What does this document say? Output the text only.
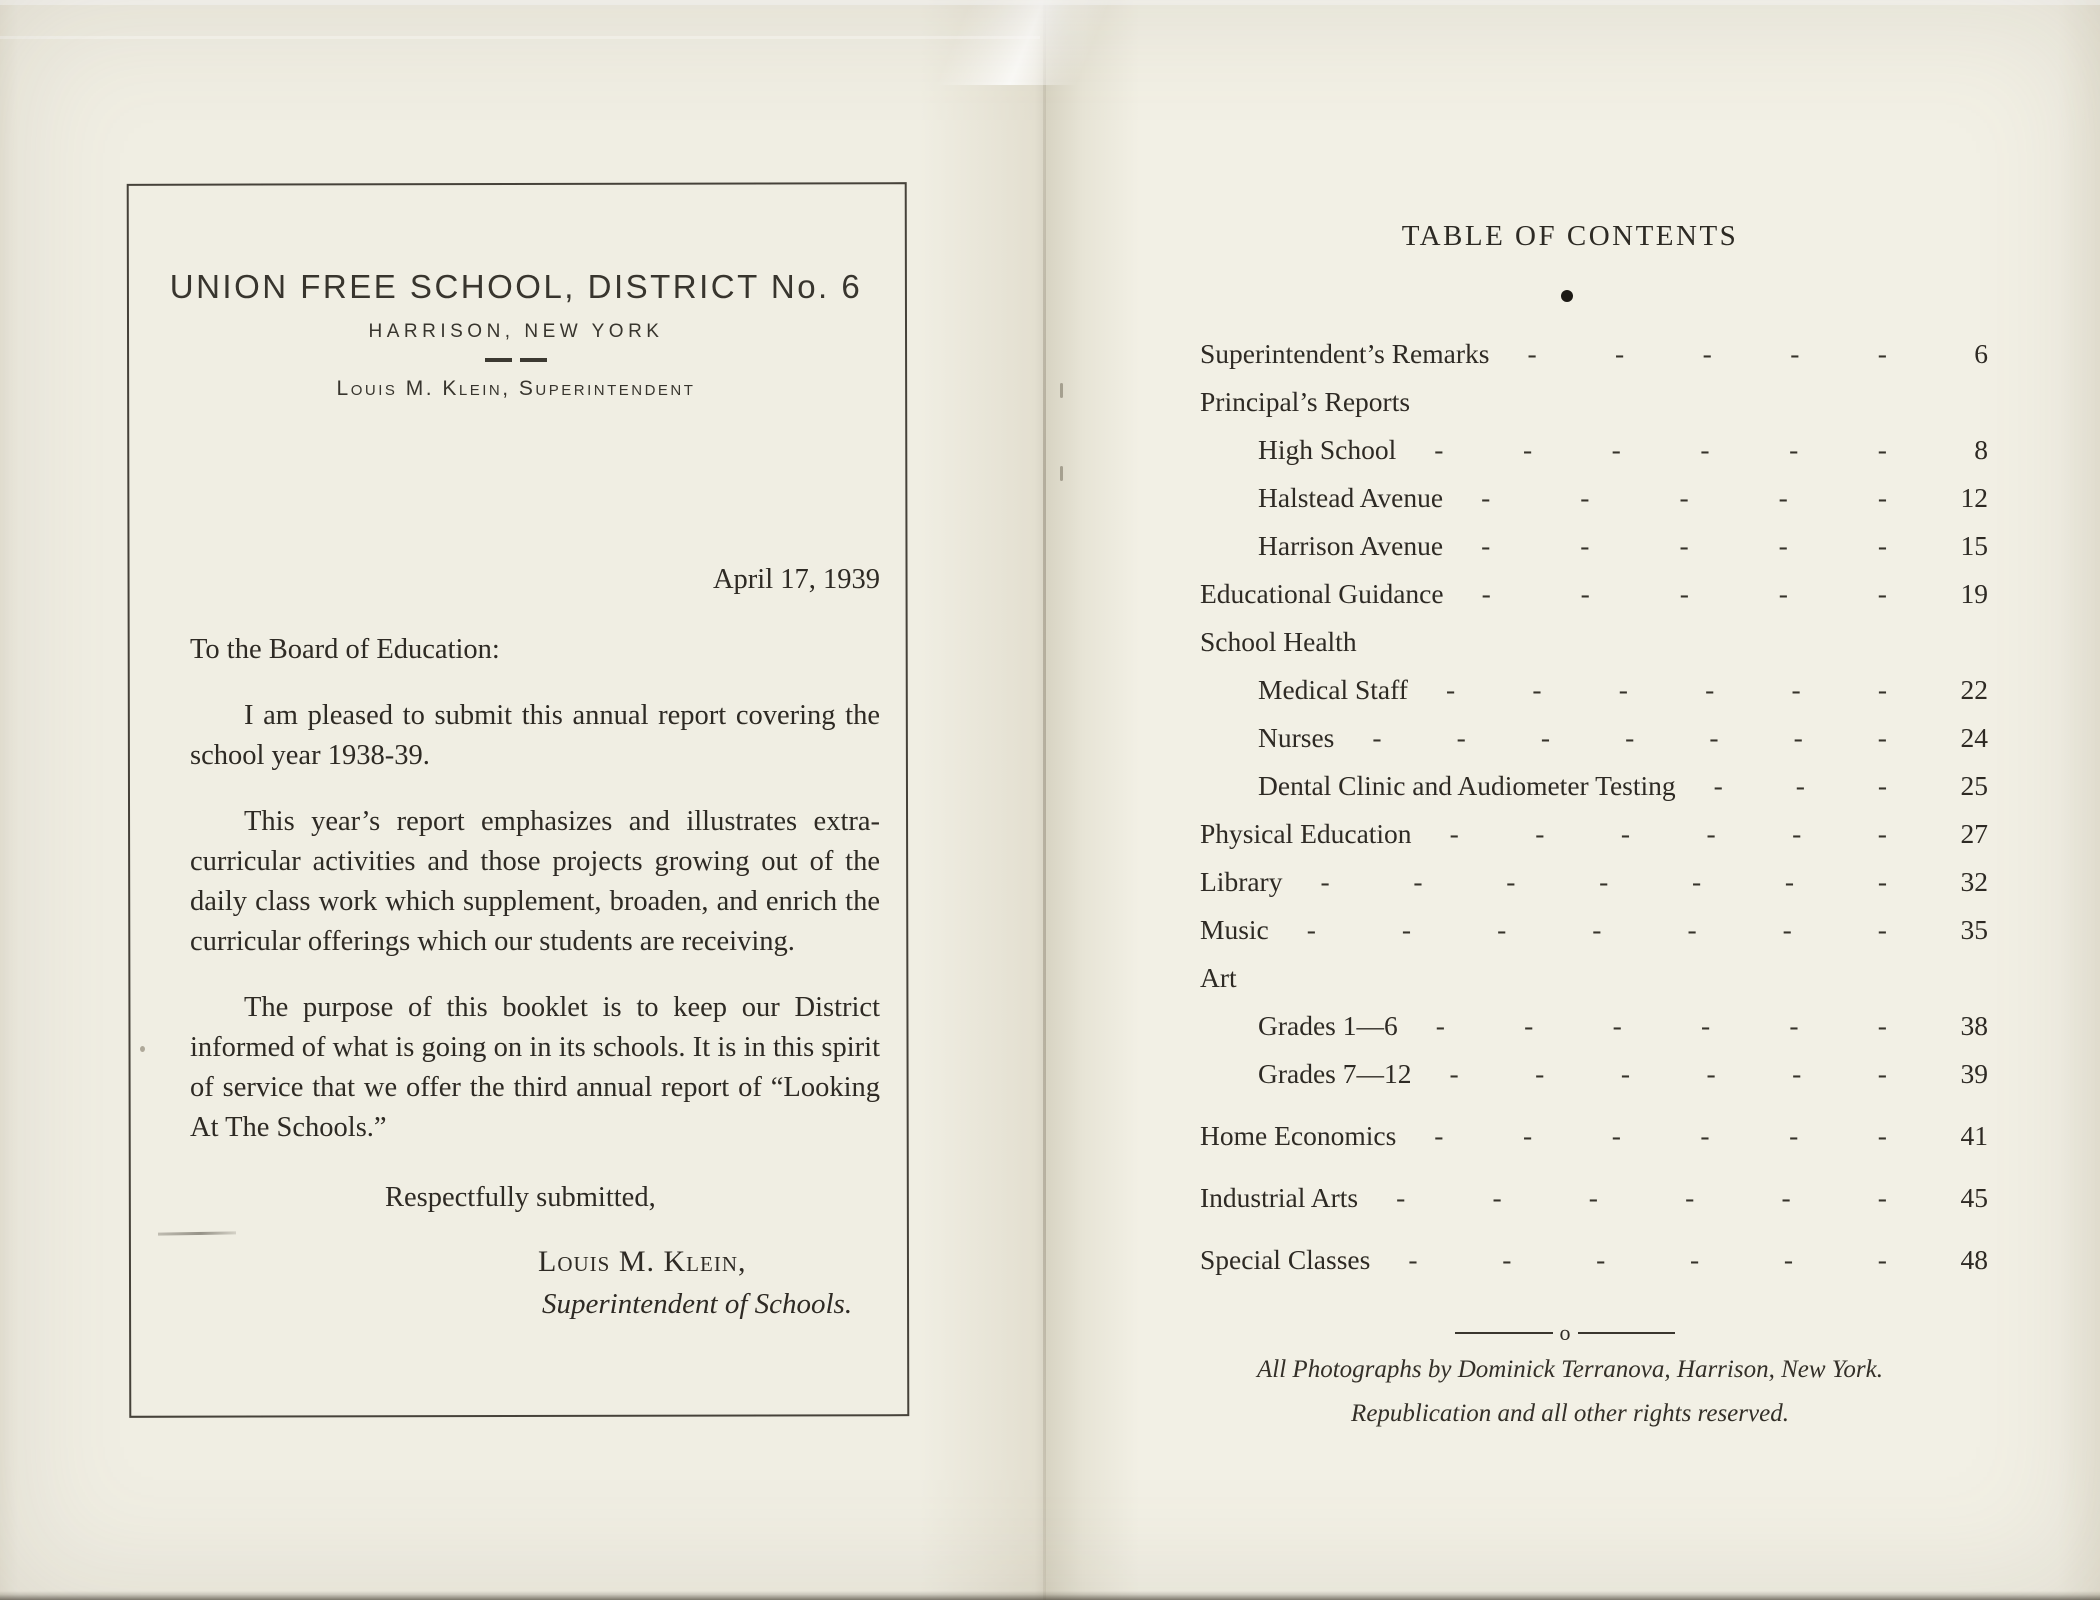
UNION FREE SCHOOL, DISTRICT No. 6
HARRISON, NEW YORK
Louis M. Klein, Superintendent
April 17, 1939
To the Board of Education:

I am pleased to submit this annual report covering the school year 1938-39.

This year’s report emphasizes and illustrates extra-curricular activities and those projects growing out of the daily class work which supplement, broaden, and enrich the curricular offerings which our students are receiving.

The purpose of this booklet is to keep our District informed of what is going on in its schools. It is in this spirit of service that we offer the third annual report of “Looking At The Schools.”

Respectfully submitted,
Louis M. Klein,
Superintendent of Schools.
TABLE OF CONTENTS
Superintendent’s Remarks -	-	-	-	-	6
Principal’s Reports
High School -	-	-	-	-	-	8
Halstead Avenue -	-	-	-	-	12
Harrison Avenue -	-	-	-	-	15
Educational Guidance -	-	-	-	-	19
School Health
Medical Staff -	-	-	-	-	-	22
Nurses -	-	-	-	-	-	-	24
Dental Clinic and Audiometer Testing -	-	-	25
Physical Education -	-	-	-	-	-	27
Library -	-	-	-	-	-	-	32
Music -	-	-	-	-	-	-	35
Art
Grades 1—6 -	-	-	-	-	-	38
Grades 7—12 -	-	-	-	-	-	39
Home Economics -	-	-	-	-	-	41
Industrial Arts -	-	-	-	-	-	45
Special Classes -	-	-	-	-	-	48
o
All Photographs by Dominick Terranova, Harrison, New York.
Republication and all other rights reserved.
